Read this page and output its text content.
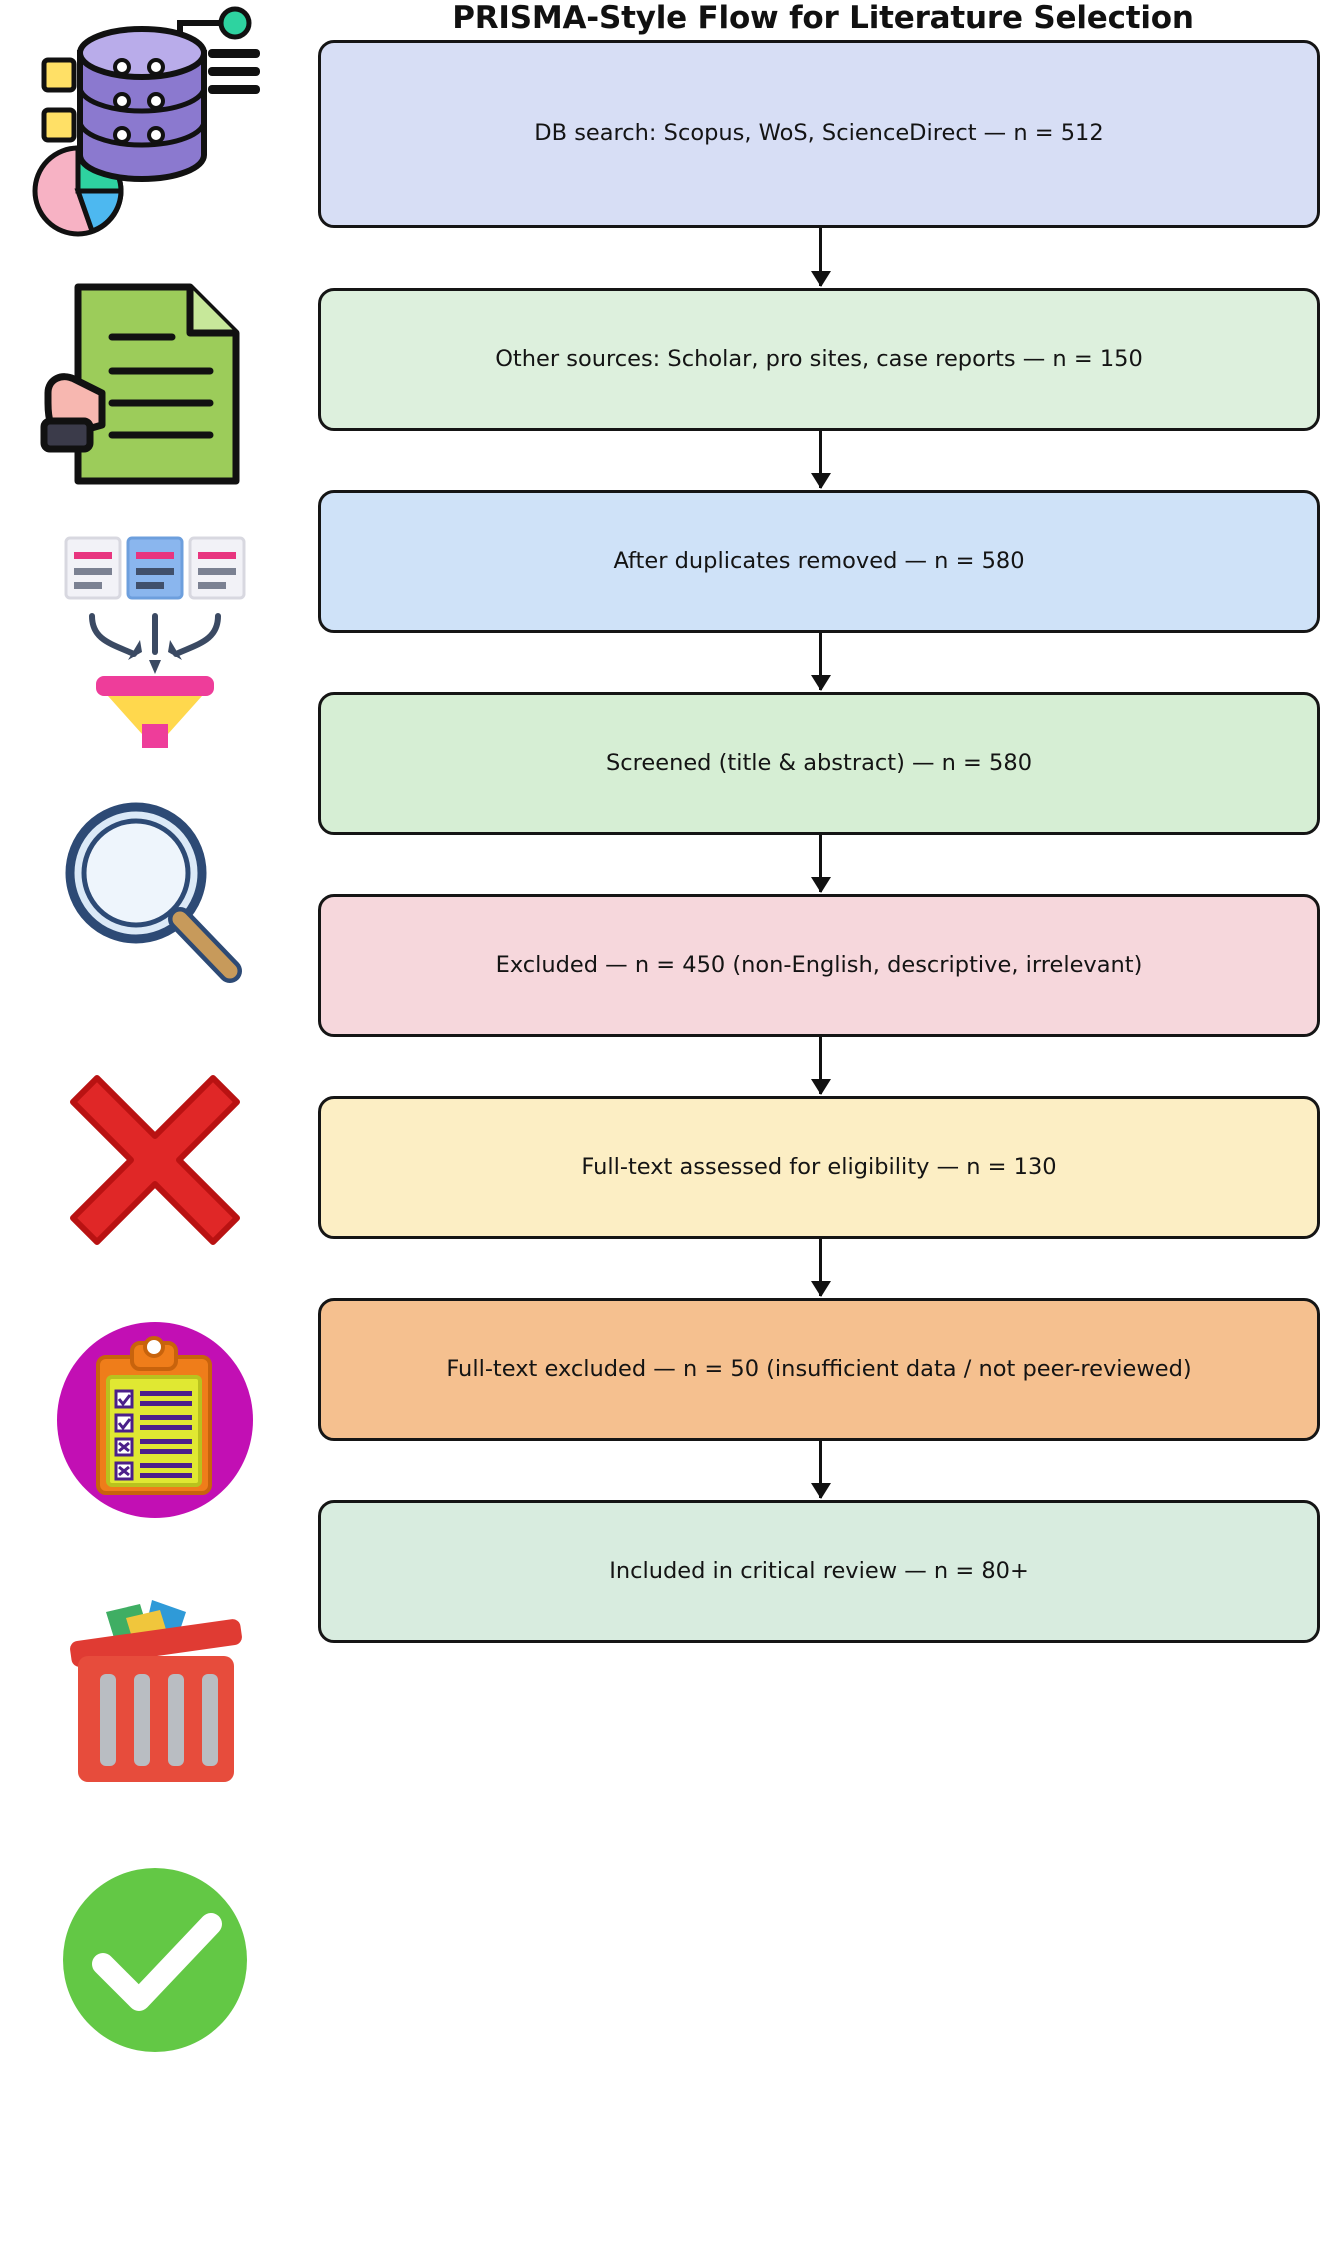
PRISMA-Style Flow for Literature Selection
DB search: Scopus, WoS, ScienceDirect — n = 512
Other sources: Scholar, pro sites, case reports — n = 150
After duplicates removed — n = 580
Screened (title & abstract) — n = 580
Excluded — n = 450 (non-English, descriptive, irrelevant)
Full-text assessed for eligibility — n = 130
Full-text excluded — n = 50 (insufficient data / not peer-reviewed)
Included in critical review — n = 80+
